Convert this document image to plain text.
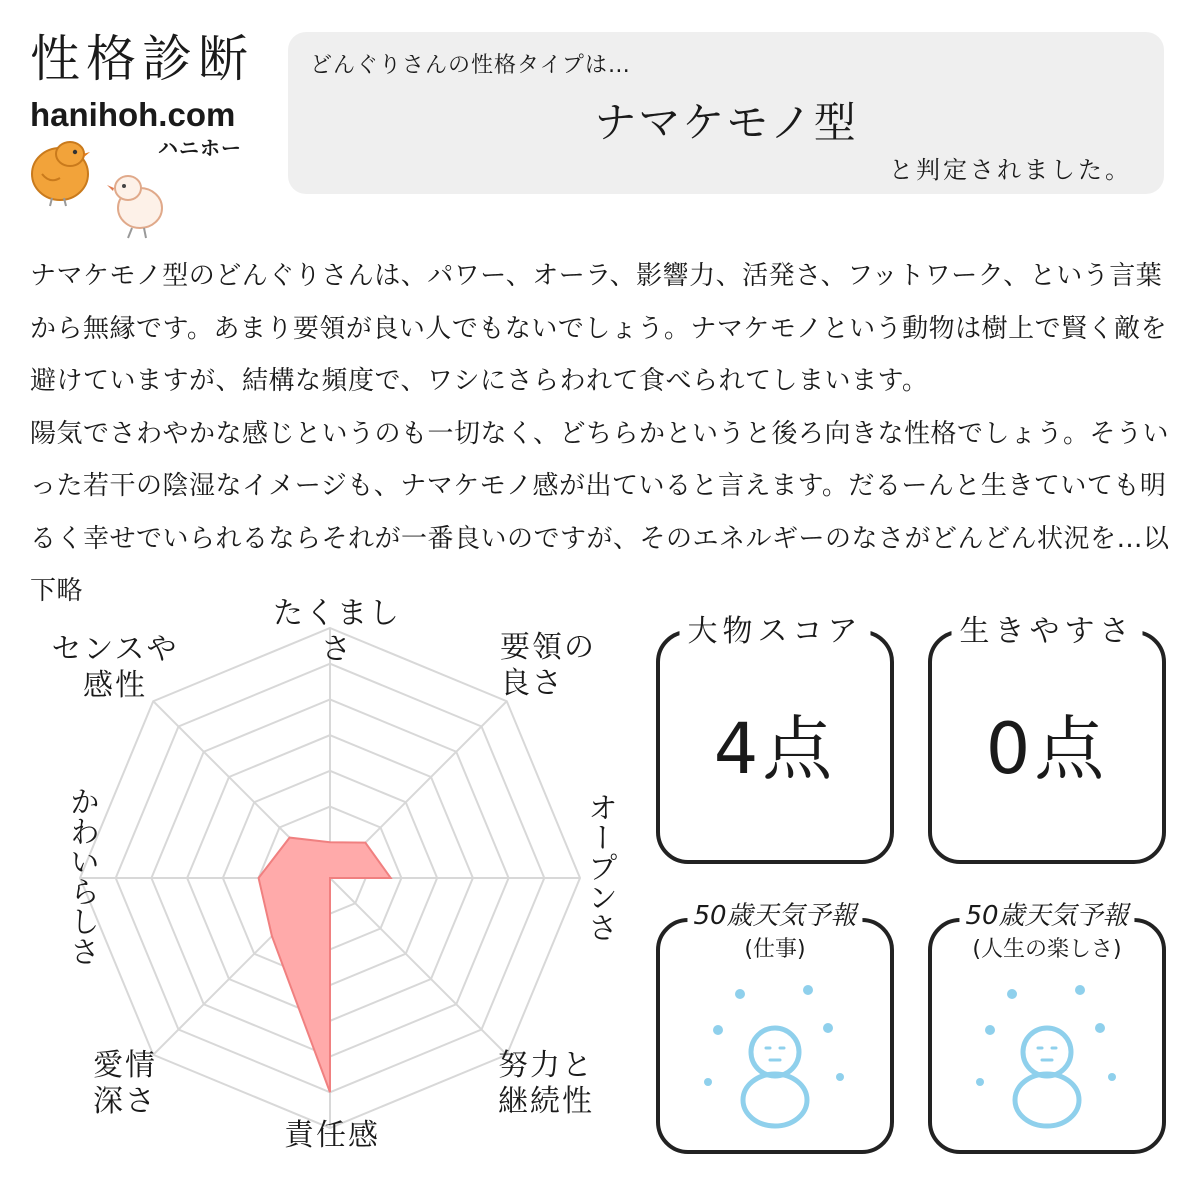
性格診断
hanihoh.com
ハニホー
どんぐりさんの性格タイプは…
ナマケモノ型
と判定されました。

ナマケモノ型のどんぐりさんは、パワー、オーラ、影響力、活発さ、フットワーク、という言葉から無縁です。あまり要領が良い人でもないでしょう。ナマケモノという動物は樹上で賢く敵を避けていますが、結構な頻度で、ワシにさらわれて食べられてしまいます。

陽気でさわやかな感じというのも一切なく、どちらかというと後ろ向きな性格でしょう。そういった若干の陰湿なイメージも、ナマケモノ感が出ていると言えます。だるーんと生きていても明るく幸せでいられるならそれが一番良いのですが、そのエネルギーのなさがどんどん状況を…以下略

たくましさ	要領の
良さ
オープンさ
努力と
継続性
責任感
愛情
深さ
かわいらしさ
センスや
感性
大物スコア
4点
生きやすさ
0点
50歳天気予報
(仕事)
50歳天気予報
(人生の楽しさ)
